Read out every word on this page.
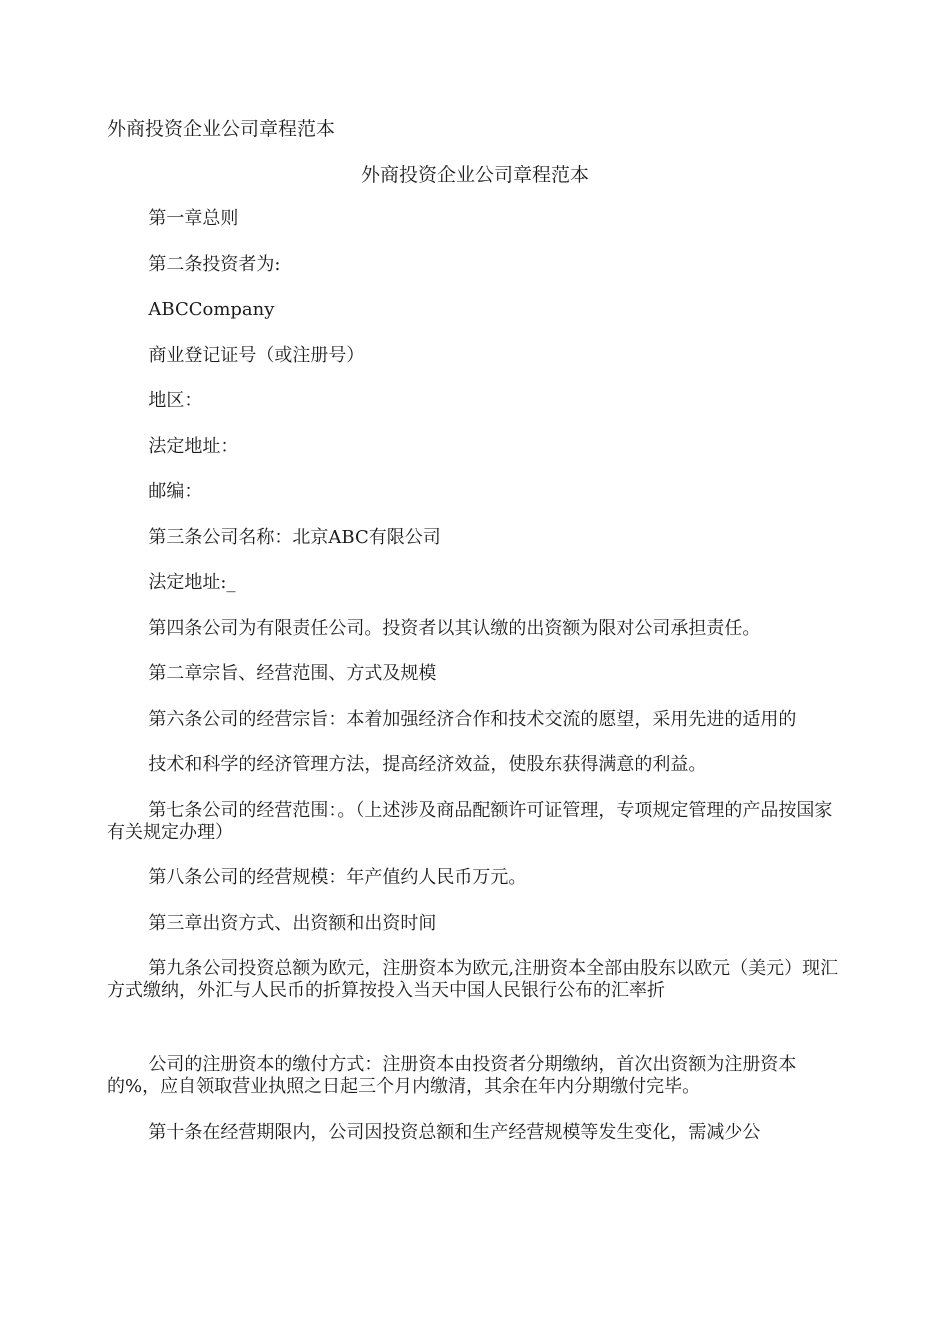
外商投资企业公司章程范本
外商投资企业公司章程范本

第一章总则

第二条投资者为:

ABCCompany

商业登记证号（或注册号）

地区：

法定地址：

邮编：

第三条公司名称：北京ABC有限公司

法定地址:_

第四条公司为有限责任公司。投资者以其认缴的出资额为限对公司承担责任。

第二章宗旨、经营范围、方式及规模

第六条公司的经营宗旨：本着加强经济合作和技术交流的愿望，采用先进的适用的

技术和科学的经济管理方法，提高经济效益，使股东获得满意的利益。

第七条公司的经营范围：。（上述涉及商品配额许可证管理，专项规定管理的产品按国家有关规定办理）

第八条公司的经营规模：年产值约人民币万元。

第三章出资方式、出资额和出资时间

第九条公司投资总额为欧元，注册资本为欧元,注册资本全部由股东以欧元（美元）现汇方式缴纳，外汇与人民币的折算按投入当天中国人民银行公布的汇率折

公司的注册资本的缴付方式：注册资本由投资者分期缴纳，首次出资额为注册资本的%，应自领取营业执照之日起三个月内缴清，其余在年内分期缴付完毕。

第十条在经营期限内，公司因投资总额和生产经营规模等发生变化，需减少公
